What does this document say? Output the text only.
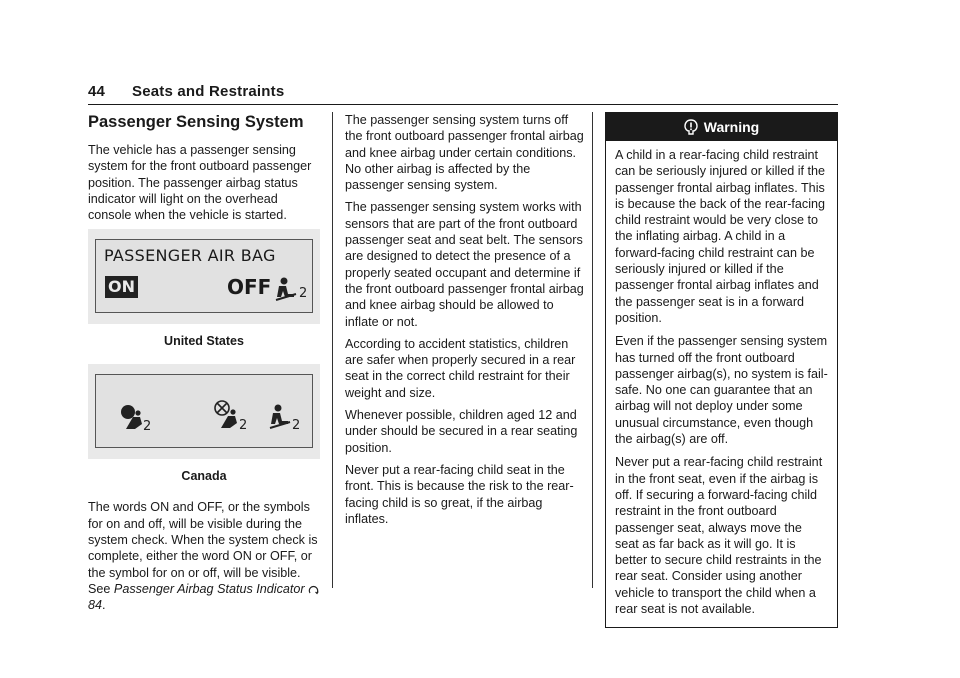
44 Seats and Restraints
Passenger Sensing System

The vehicle has a passenger sensing system for the front outboard passenger position. The passenger airbag status indicator will light on the overhead console when the vehicle is started.

PASSENGER AIR BAG
ON	OFF 2
United States
2	2	2
Canada

The words ON and OFF, or the symbols for on and off, will be visible during the system check. When the system check is complete, either the word ON or OFF, or the symbol for on or off, will be visible. See Passenger Airbag Status Indicator 84.

The passenger sensing system turns off the front outboard passenger frontal airbag and knee airbag under certain conditions. No other airbag is affected by the passenger sensing system.

The passenger sensing system works with sensors that are part of the front outboard passenger seat and seat belt. The sensors are designed to detect the presence of a properly seated occupant and determine if the front outboard passenger frontal airbag and knee airbag should be allowed to inflate or not.

According to accident statistics, children are safer when properly secured in a rear seat in the correct child restraint for their weight and size.

Whenever possible, children aged 12 and under should be secured in a rear seating position.

Never put a rear-facing child seat in the front. This is because the risk to the rear-facing child is so great, if the airbag inflates.

Warning

A child in a rear-facing child restraint can be seriously injured or killed if the passenger frontal airbag inflates. This is because the back of the rear-facing child restraint would be very close to the inflating airbag. A child in a forward-facing child restraint can be seriously injured or killed if the passenger frontal airbag inflates and the passenger seat is in a forward position.

Even if the passenger sensing system has turned off the front outboard passenger airbag(s), no system is fail-safe. No one can guarantee that an airbag will not deploy under some unusual circumstance, even though the airbag(s) are off.

Never put a rear-facing child restraint in the front seat, even if the airbag is off. If securing a forward-facing child restraint in the front outboard passenger seat, always move the seat as far back as it will go. It is better to secure child restraints in the rear seat. Consider using another vehicle to transport the child when a rear seat is not available.
